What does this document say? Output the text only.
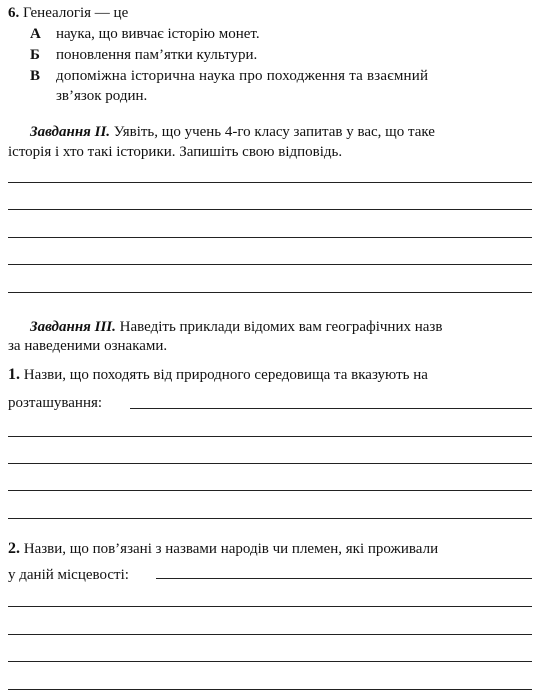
6. Генеалогія — це
А наука, що вивчає історію монет.
Б поновлення пам’ятки культури.
В допоміжна історична наука про походження та взаємний
зв’язок родин.
Завдання ІІ. Уявіть, що учень 4-го класу запитав у вас, що таке
історія і хто такі історики. Запишіть свою відповідь.
Завдання ІІІ. Наведіть приклади відомих вам географічних назв
за наведеними ознаками.
1. Назви, що походять від природного середовища та вказують на
розташування:
2. Назви, що пов’язані з назвами народів чи племен, які проживали
у даній місцевості:
